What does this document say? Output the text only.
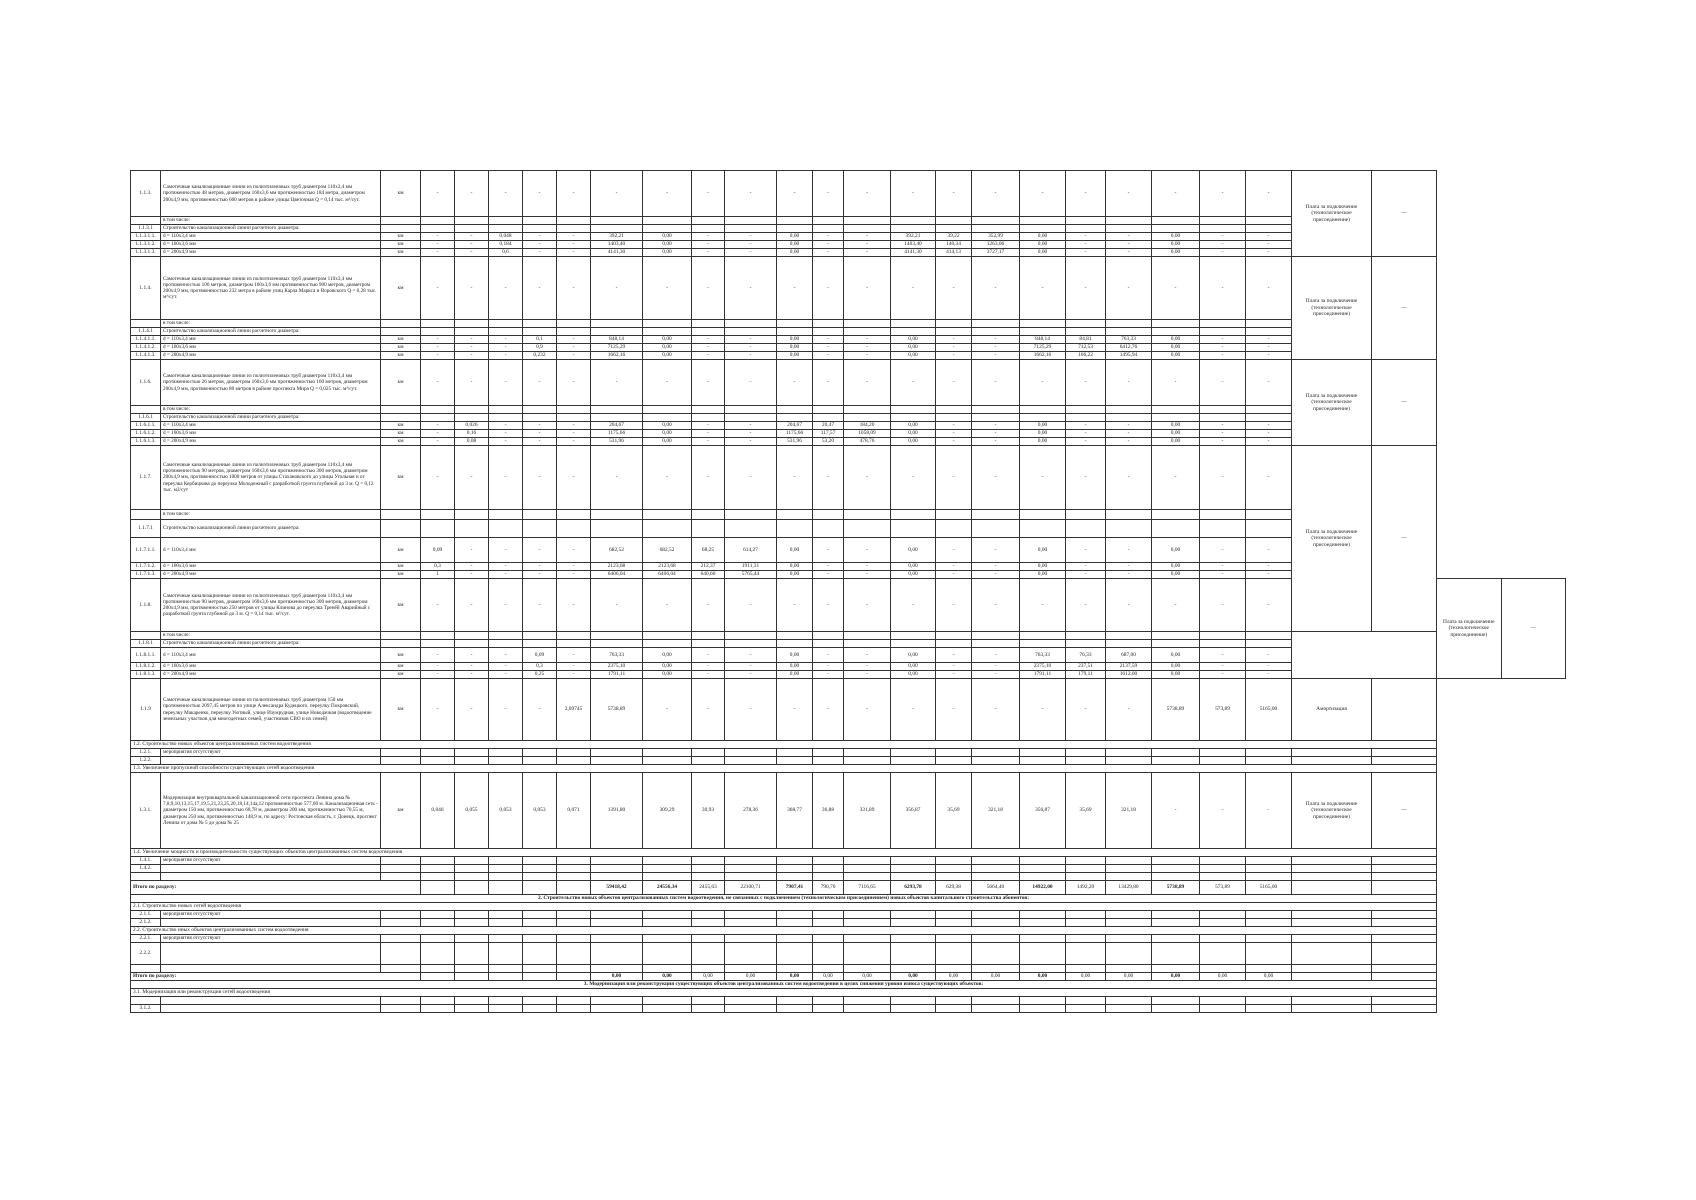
1.1.3.	Самотечные канализационные линии из полиэтиленовых труб диаметром 110х3,4 мм протяженностью 48 метров, диаметром 160х3,6 мм протяженностью 184 метра, диаметром 200х4,9 мм, протяженностью 600 метров в районе улицы Цветочная Q = 0,14 тыс. м³/сут.	км	-	-	-	-	-	-	-	-	-	-	-	-	-	-	-	-	-	-	-	-	-	Плата за подключение (технологическое присоединение)	—		
	в том числе:																										
1.1.3.1	Строительство канализационной линии расчетного диаметра:																										
1.1.3.1.1.	d = 110х3,4 мм	км	-	-	0,048	-	-	392,21	0,00	-	-	0,00	-	-	392,21	39,22	352,99	0,00	-	-	0,00	-	-				
1.1.3.1.2.	d = 160х3,6 мм	км	-	-	0,184	-	-	1403,40	0,00	-	-	0,00	-	-	1403,40	140,34	1263,06	0,00	-	-	0,00	-	-				
1.1.3.1.3.	d = 200х4,9 мм	км	-	-	0,6	-	-	4141,30	0,00	-	-	0,00	-	-	4141,30	414,13	3727,17	0,00	-	-	0,00	-	-				
1.1.4.	Самотечные канализационные линии из полиэтиленовых труб диаметром 110х3,4 мм протяженностью 100 метров, диаметром 160х3,6 мм протяженностью 900 метров, диаметром 200х4,9 мм, протяженностью 232 метра в районе улиц Карла Маркса и Воровского Q = 0,28 тыс. м³/сут.	км	-	-	-	-	-	-	-	-	-	-	-	-	-	-	-	-	-	-	-	-	-	Плата за подключение (технологическое присоединение)	—		
	в том числе:																										
1.1.4.1	Строительство канализационной линии расчетного диаметра:																										
1.1.4.1.1.	d = 110х3,4 мм	км	-	-	-	0,1	-	848,14	0,00	-	-	0,00	-	-	0,00	-	-	848,14	84,81	763,33	0,00	-	-				
1.1.4.1.2.	d = 160х3,6 мм	км	-	-	-	0,9	-	7125,29	0,00	-	-	0,00	-	-	0,00	-	-	7125,29	712,53	6412,76	0,00	-	-				
1.1.4.1.3.	d = 200х4,9 мм	км	-	-	-	0,232	-	1662,16	0,00	-	-	0,00	-	-	0,00	-	-	1662,16	166,22	1495,94	0,00	-	-				
1.1.6.	Самотечные канализационные линии из полиэтиленовых труб диаметром 110х3,4 мм протяженностью 26 метров, диаметром 160х3,6 мм протяженностью 160 метров, диаметром 200х4,9 мм, протяженностью 80 метров в районе проспекта Мира Q = 0,025 тыс. м³/сут.	км	-	-	-	-	-	-	-	-	-	-	-	-	-	-	-	-	-	-	-	-	-	Плата за подключение (технологическое присоединение)	—		
	в том числе:																										
1.1.6.1	Строительство канализационной линии расчетного диаметра:																										
1.1.6.1.1.	d = 110х3,4 мм	км	-	0,026	-	-	-	204,67	0,00	-	-	204,67	20,47	184,20	0,00	-	-	0,00	-	-	0,00	-	-				
1.1.6.1.2.	d = 160х3,6 мм	км	-	0,16	-	-	-	1175,66	0,00	-	-	1175,66	117,57	1058,09	0,00	-	-	0,00	-	-	0,00	-	-				
1.1.6.1.3.	d = 200х4,9 мм	км	-	0,08	-	-	-	531,96	0,00	-	-	531,96	53,20	478,76	0,00	-	-	0,00	-	-	0,00	-	-				
1.1.7.	Самотечные канализационные линии из полиэтиленовых труб диаметром 110х3,4 мм протяженностью 90 метров, диаметром 160х3,6 мм протяженностью 300 метров, диаметром 200х4,9 мм, протяженностью 1000 метров от улицы Стахановского до улицы Угольная и от переулка Кербицкова до переулка Молодежный с разработкой грунта глубиной до 3 м. Q = 0,12 тыс. м3/сут	км	-	-	-	-	-	-	-	-	-	-	-	-	-	-	-	-	-	-	-	-	-	Плата за подключение (технологическое присоединение)	—		
	в том числе:																										
1.1.7.1	Строительство канализационной линии расчетного диаметра:																										
1.1.7.1.1.	d = 110х3,4 мм	км	0,09	-	-	-	-	682,52	682,52	68,25	614,27	0,00	-	-	0,00	-	-	0,00	-	-	0,00	-	-				
1.1.7.1.2.	d = 160х3,6 мм	км	0,3	-	-	-	-	2123,68	2123,68	212,37	1911,31	0,00	-	-	0,00	-	-	0,00	-	-	0,00	-	-				
1.1.7.1.3.	d = 200х4,9 мм	км	1	-	-	-	-	6406,04	6406,04	640,60	5765,44	0,00	-	-	0,00	-	-	0,00	-	-	0,00	-	-				
1.1.8.	Самотечные канализационные линии из полиэтиленовых труб диаметром 110х3,4 мм протяженностью 90 метров, диаметром 160х3,6 мм протяженностью 300 метров, диаметром 200х4,9 мм, протяженностью 250 метров от улицы Клинова до переулка Тренёй Аварийный с разработкой грунта глубиной до 3 м. Q = 0,14 тыс. м³/сут.	км	-	-	-	-	-	-	-	-	-	-	-	-	-	-	-	-	-	-	-	-	-			Плата за подключение (технологическое присоединение)	—
	в том числе:																										
1.1.8.1	Строительство канализационной линии расчетного диаметра:																										
1.1.8.1.1.	d = 110х3,4 мм	км	-	-	-	0,09	-	763,33	0,00	-	-	0,00	-	-	0,00	-	-	763,33	76,33	687,00	0,00	-	-				
1.1.8.1.2.	d = 160х3,6 мм	км	-	-	-	0,3	-	2375,10	0,00	-	-	0,00	-	-	0,00	-	-	2375,10	237,51	2137,59	0,00	-	-				
1.1.8.1.3.	d = 200х4,9 мм	км	-	-	-	0,25	-	1791,11	0,00	-	-	0,00	-	-	0,00	-	-	1791,11	179,11	1612,00	0,00	-	-				
1.1.9	Самотечные канализационные линии из полиэтиленовых труб диаметром 150 мм протяженностью 2097,45 метров по улице Александра Кудецкого, переулку Покровский, переулку Макаренко, переулку Уютный, улице Изумрудная, улице Новодачная (водоотведение земельных участков для многодетных семей, участников СВО и их семей)	км	-	-	-	-	2,09745	5738,89	-	-	-	-	-	-	-	-	-	-	-	-	5738,89	573,89	5165,00	Амортизация			
1.2. Строительство новых объектов централизованных систем водоотведения																											
1.2.1.	мероприятия отсутствуют																										
1.2.2.																											
1.3. Увеличение пропускной способности существующих сетей водоотведения																											
1.3.1.	Модернизация внутриквартальной канализационной сети проспекта Ленина дома № 7,8,9,10,13,15,17,19,5,21,23,25,20,18,14,14а,12 протяженностью 577,00 м. Канализационная сеть - диаметром 150 мм, протяженностью 68,78 м, диаметром 200 мм, протяженностью 70,55 м, диаметром 250 мм, протяженностью 148,9 м, по адресу: Ростовская область, г. Донецк, проспект Ленина от дома № 5 до дома № 25	км	0,046	0,055	0,053	0,053	0,071	1391,80	309,29	30,93	278,36	368,77	36,88	331,89	356,87	35,69	321,18	356,87	35,69	321,18	-	-	-	Плата за подключение (технологическое присоединение)	—		
1.4. Увеличение мощности и производительности существующих объектов централизованных систем водоотведения																											
1.4.1.	мероприятия отсутствуют																										
1.4.2.																											

Итого по разделу:								59418,42	24556,34	2455,63	22100,71	7907,41	790,76	7116,65	6293,78	629,38	5664,40	14922,00	1492,20	13429,80	5738,89	573,89	5165,00				
2. Строительство новых объектов централизованных систем водоотведения, не связанных с подключением (технологическим присоединением) новых объектов капитального строительства абонентов:																											
2.1. Строительство новых сетей водоотведения																											
2.1.1.	мероприятия отсутствуют																										
2.1.2.																											
2.2. Строительство иных объектов централизованных систем водоотведения																											
2.2.1.	мероприятия отсутствуют																										
2.2.2.																											

Итого по разделу:								0,00	0,00	0,00	0,00	0,00	0,00	0,00	0,00	0,00	0,00	0,00	0,00	0,00	0,00	0,00	0,00				
3. Модернизация или реконструкция существующих объектов централизованных систем водоотведения в целях снижения уровня износа существующих объектов:																											
3.1. Модернизация или реконструкция сетей водоотведения																											

3.1.2.																											
